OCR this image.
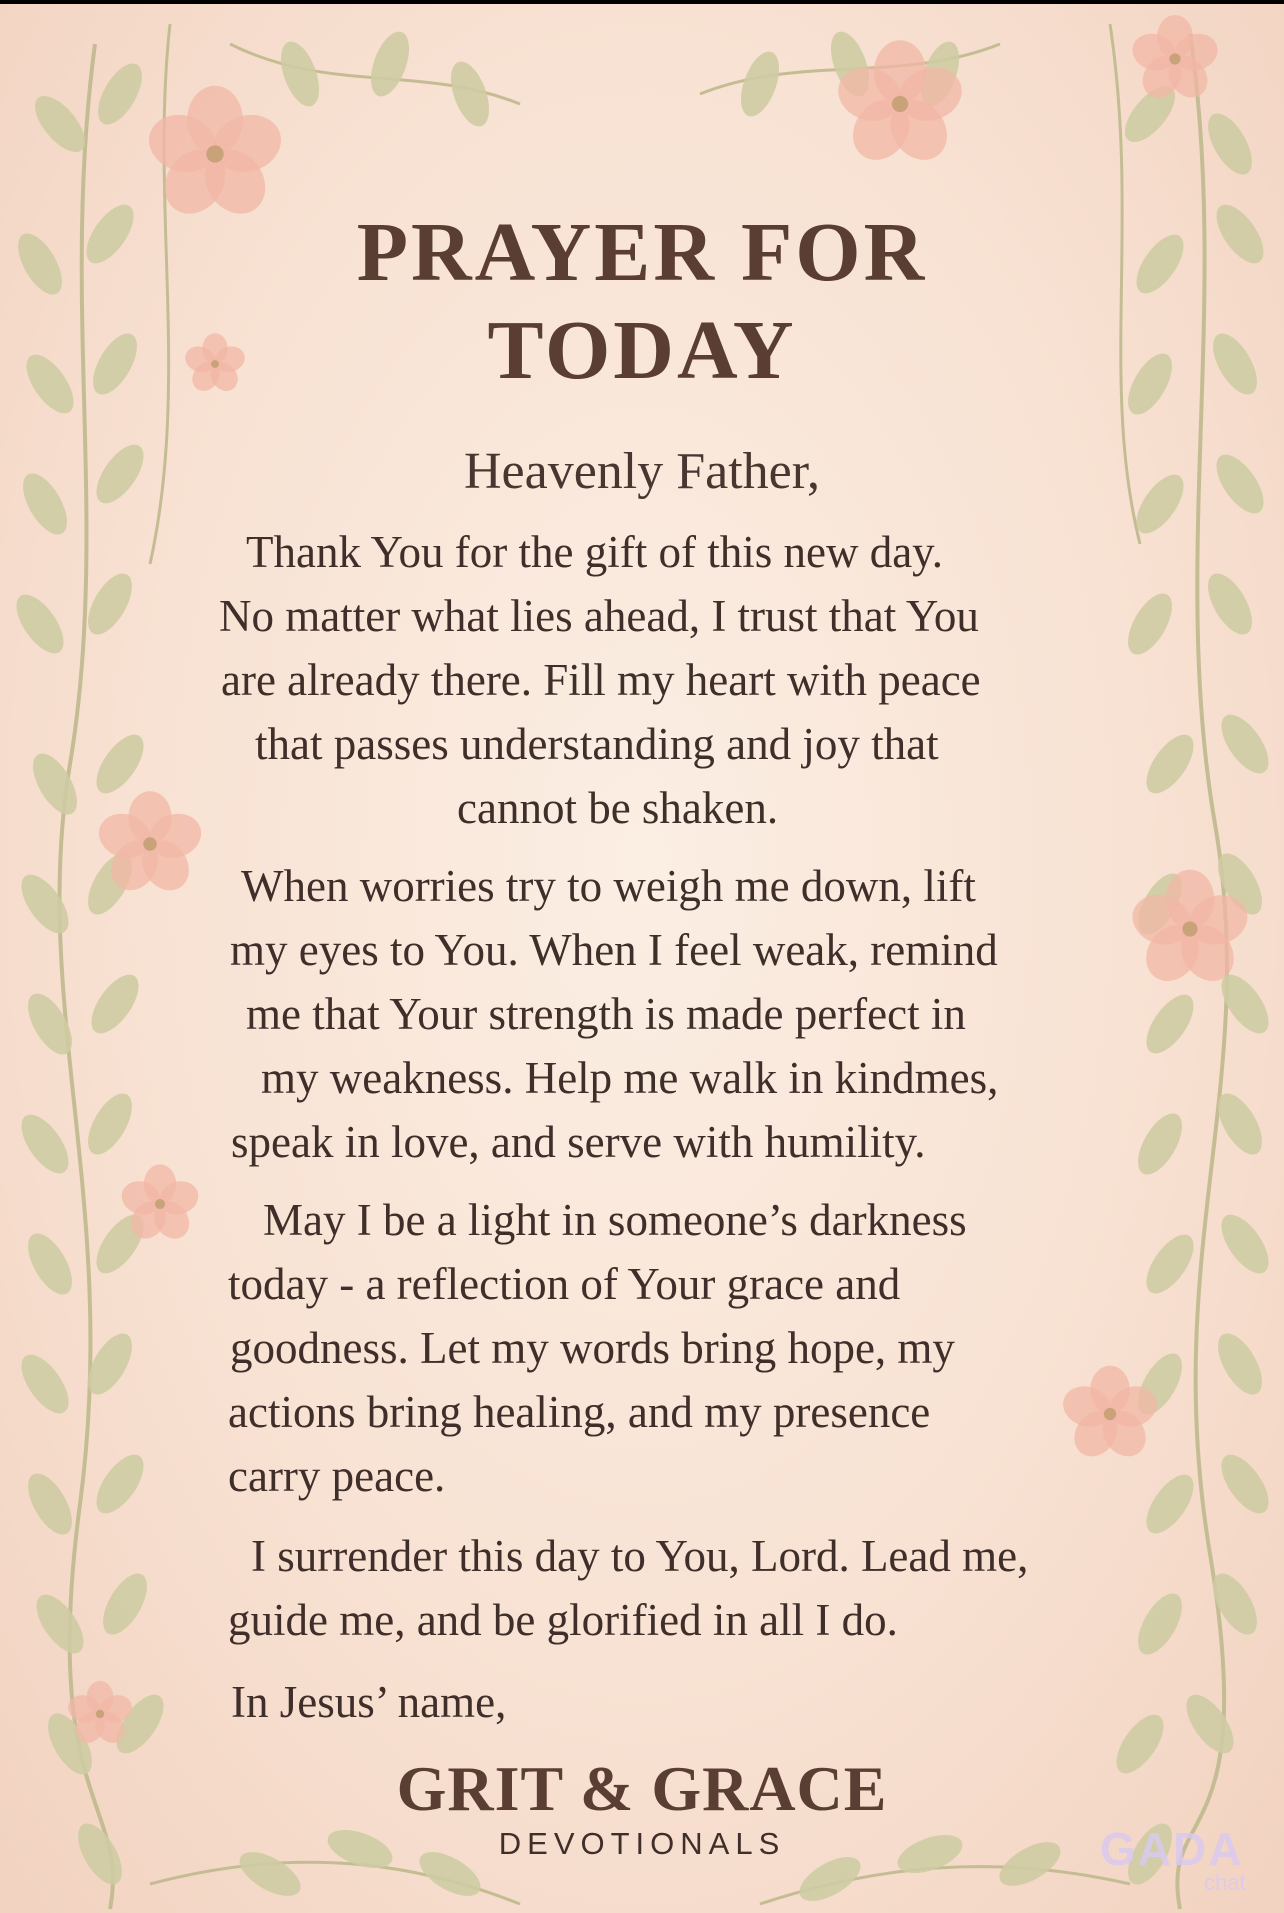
PRAYER FOR
TODAY
Heavenly Father,
Thank You for the gift of this new day.
No matter what lies ahead, I trust that You
are already there. Fill my heart with peace
that passes understanding and joy that
cannot be shaken.
When worries try to weigh me down, lift
my eyes to You. When I feel weak, remind
me that Your strength is made perfect in
my weakness. Help me walk in kindmes,
speak in love, and serve with humility.
May I be a light in someone’s darkness
today - a reflection of Your grace and
goodness. Let my words bring hope, my
actions bring healing, and my presence
carry peace.
I surrender this day to You, Lord. Lead me,
guide me, and be glorified in all I do.
In Jesus’ name,
GRIT & GRACE
DEVOTIONALS	GADA
chat
